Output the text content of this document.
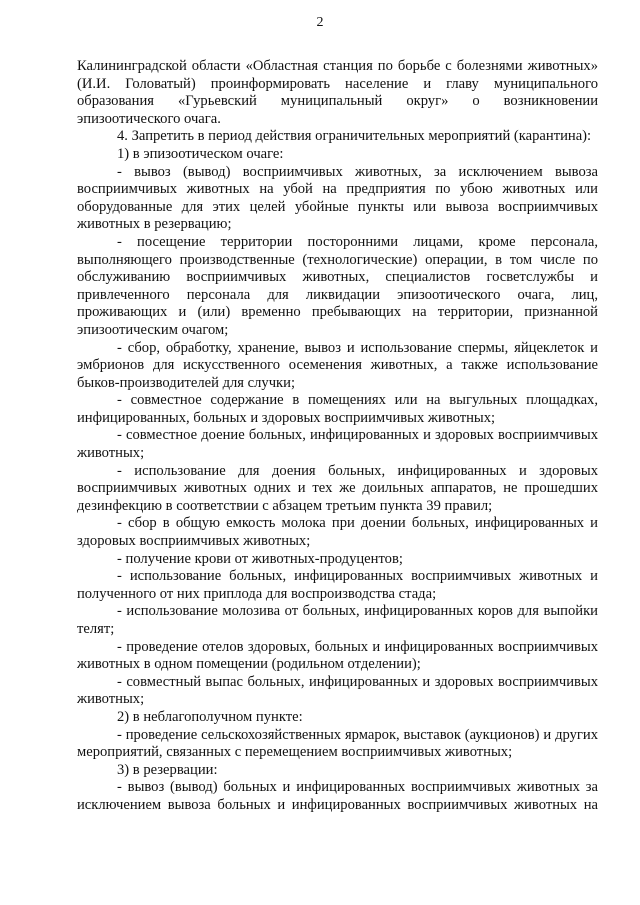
2

Калининградской области «Областная станция по борьбе с болезнями животных» (И.И. Головатый) проинформировать население и главу муниципального образования «Гурьевский муниципальный округ» о возникновении эпизоотического очага.

4. Запретить в период действия ограничительных мероприятий (карантина):

1) в эпизоотическом очаге:

- вывоз (вывод) восприимчивых животных, за исключением вывоза восприимчивых животных на убой на предприятия по убою животных или оборудованные для этих целей убойные пункты или вывоза восприимчивых животных в резервацию;

- посещение территории посторонними лицами, кроме персонала, выполняющего производственные (технологические) операции, в том числе по обслуживанию восприимчивых животных, специалистов госветслужбы и привлеченного персонала для ликвидации эпизоотического очага, лиц, проживающих и (или) временно пребывающих на территории, признанной эпизоотическим очагом;

- сбор, обработку, хранение, вывоз и использование спермы, яйцеклеток и эмбрионов для искусственного осеменения животных, а также использование быков-производителей для случки;

- совместное содержание в помещениях или на выгульных площадках, инфицированных, больных и здоровых восприимчивых животных;

- совместное доение больных, инфицированных и здоровых восприимчивых животных;

- использование для доения больных, инфицированных и здоровых восприимчивых животных одних и тех же доильных аппаратов, не прошедших дезинфекцию в соответствии с абзацем третьим пункта 39 правил;

- сбор в общую емкость молока при доении больных, инфицированных и здоровых восприимчивых животных;

- получение крови от животных-продуцентов;

- использование больных, инфицированных восприимчивых животных и полученного от них приплода для воспроизводства стада;

- использование молозива от больных, инфицированных коров для выпойки телят;

- проведение отелов здоровых, больных и инфицированных восприимчивых животных в одном помещении (родильном отделении);

- совместный выпас больных, инфицированных и здоровых восприимчивых животных;

2) в неблагополучном пункте:

- проведение сельскохозяйственных ярмарок, выставок (аукционов) и других мероприятий, связанных с перемещением восприимчивых животных;

3) в резервации:

- вывоз (вывод) больных и инфицированных восприимчивых животных за исключением вывоза больных и инфицированных восприимчивых животных на
